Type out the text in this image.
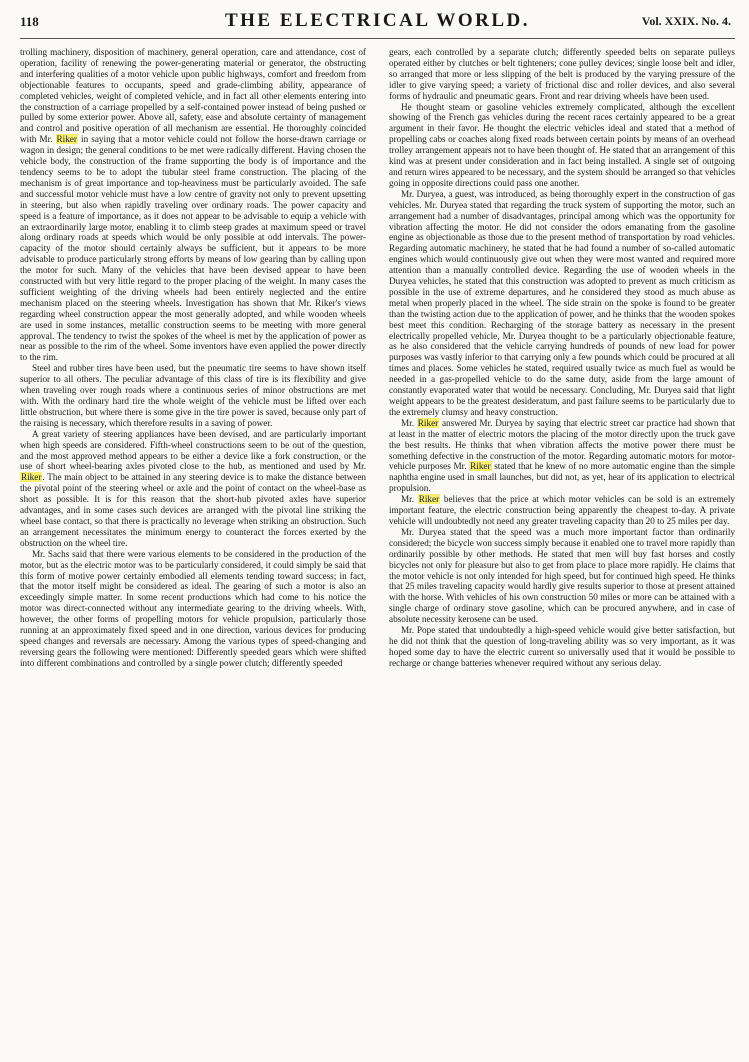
118	THE ELECTRICAL WORLD.	Vol. XXIX. No. 4.

trolling machinery, disposition of machinery, general operation, care and attendance, cost of operation, facility of renewing the power-generating material or generator, the obstructing and interfering qualities of a motor vehicle upon public highways, comfort and freedom from objectionable features to occupants, speed and grade-climbing ability, appearance of completed vehicles, weight of completed vehicle, and in fact all other elements entering into the construction of a carriage propelled by a self-contained power instead of being pushed or pulled by some exterior power. Above all, safety, ease and absolute certainty of management and control and positive operation of all mechanism are essential. He thoroughly coincided with Mr. Riker in saying that a motor vehicle could not follow the horse-drawn carriage or wagon in design; the general conditions to be met were radically different. Having chosen the vehicle body, the construction of the frame supporting the body is of importance and the tendency seems to be to adopt the tubular steel frame construction. The placing of the mechanism is of great importance and top-heaviness must be particularly avoided. The safe and successful motor vehicle must have a low centre of gravity not only to prevent upsetting in steering, but also when rapidly traveling over ordinary roads. The power capacity and speed is a feature of importance, as it does not appear to be advisable to equip a vehicle with an extraordinarily large motor, enabling it to climb steep grades at maximum speed or travel along ordinary roads at speeds which would be only possible at odd intervals. The power-capacity of the motor should certainly always be sufficient, but it appears to be more advisable to produce particularly strong efforts by means of low gearing than by calling upon the motor for such. Many of the vehicles that have been devised appear to have been constructed with but very little regard to the proper placing of the weight. In many cases the sufficient weighting of the driving wheels had been entirely neglected and the entire mechanism placed on the steering wheels. Investigation has shown that Mr. Riker's views regarding wheel construction appear the most generally adopted, and while wooden wheels are used in some instances, metallic construction seems to be meeting with more general approval. The tendency to twist the spokes of the wheel is met by the application of power as near as possible to the rim of the wheel. Some inventors have even applied the power directly to the rim.

Steel and rubber tires have been used, but the pneumatic tire seems to have shown itself superior to all others. The peculiar advantage of this class of tire is its flexibility and give when traveling over rough roads where a continuous series of minor obstructions are met with. With the ordinary hard tire the whole weight of the vehicle must be lifted over each little obstruction, but where there is some give in the tire power is saved, because only part of the raising is necessary, which therefore results in a saving of power.

A great variety of steering appliances have been devised, and are particularly important when high speeds are considered. Fifth-wheel constructions seem to be out of the question, and the most approved method appears to be either a device like a fork construction, or the use of short wheel-bearing axles pivoted close to the hub, as mentioned and used by Mr. Riker. The main object to be attained in any steering device is to make the distance between the pivotal point of the steering wheel or axle and the point of contact on the wheel-base as short as possible. It is for this reason that the short-hub pivoted axles have superior advantages, and in some cases such devices are arranged with the pivotal line striking the wheel base contact, so that there is practically no leverage when striking an obstruction. Such an arrangement necessitates the minimum energy to counteract the forces exerted by the obstruction on the wheel tire.

Mr. Sachs said that there were various elements to be considered in the production of the motor, but as the electric motor was to be particularly considered, it could simply be said that this form of motive power certainly embodied all elements tending toward success; in fact, that the motor itself might be considered as ideal. The gearing of such a motor is also an exceedingly simple matter. In some recent productions which had come to his notice the motor was direct-connected without any intermediate gearing to the driving wheels. With, however, the other forms of propelling motors for vehicle propulsion, particularly those running at an approximately fixed speed and in one direction, various devices for producing speed changes and reversals are necessary. Among the various types of speed-changing and reversing gears the following were mentioned: Differently speeded gears which were shifted into different combinations and controlled by a single power clutch; differently speeded

gears, each controlled by a separate clutch; differently speeded belts on separate pulleys operated either by clutches or belt tighteners; cone pulley devices; single loose belt and idler, so arranged that more or less slipping of the belt is produced by the varying pressure of the idler to give varying speed; a variety of frictional disc and roller devices, and also several forms of hydraulic and pneumatic gears. Front and rear driving wheels have been used.

He thought steam or gasoline vehicles extremely complicated, although the excellent showing of the French gas vehicles during the recent races certainly appeared to be a great argument in their favor. He thought the electric vehicles ideal and stated that a method of propelling cabs or coaches along fixed roads between certain points by means of an overhead trolley arrangement appears not to have been thought of. He stated that an arrangement of this kind was at present under consideration and in fact being installed. A single set of outgoing and return wires appeared to be necessary, and the system should be arranged so that vehicles going in opposite directions could pass one another.

Mr. Duryea, a guest, was introduced, as being thoroughly expert in the construction of gas vehicles. Mr. Duryea stated that regarding the truck system of supporting the motor, such an arrangement had a number of disadvantages, principal among which was the opportunity for vibration affecting the motor. He did not consider the odors emanating from the gasoline engine as objectionable as those due to the present method of transportation by road vehicles. Regarding automatic machinery, he stated that he had found a number of so-called automatic engines which would continuously give out when they were most wanted and required more attention than a manually controlled device. Regarding the use of wooden wheels in the Duryea vehicles, he stated that this construction was adopted to prevent as much criticism as possible in the use of extreme departures, and he considered they stood as much abuse as metal when properly placed in the wheel. The side strain on the spoke is found to be greater than the twisting action due to the application of power, and he thinks that the wooden spokes best meet this condition. Recharging of the storage battery as necessary in the present electrically propelled vehicle, Mr. Duryea thought to be a particularly objectionable feature, as he also considered that the vehicle carrying hundreds of pounds of new load for power purposes was vastly inferior to that carrying only a few pounds which could be procured at all times and places. Some vehicles he stated, required usually twice as much fuel as would be needed in a gas-propelled vehicle to do the same duty, aside from the large amount of constantly evaporated water that would be necessary. Concluding, Mr. Duryea said that light weight appears to be the greatest desideratum, and past failure seems to be particularly due to the extremely clumsy and heavy construction.

Mr. Riker answered Mr. Duryea by saying that electric street car practice had shown that at least in the matter of electric motors the placing of the motor directly upon the truck gave the best results. He thinks that when vibration affects the motive power there must be something defective in the construction of the motor. Regarding automatic motors for motor-vehicle purposes Mr. Riker stated that he knew of no more automatic engine than the simple naphtha engine used in small launches, but did not, as yet, hear of its application to electrical propulsion.

Mr. Riker believes that the price at which motor vehicles can be sold is an extremely important feature, the electric construction being apparently the cheapest to-day. A private vehicle will undoubtedly not need any greater traveling capacity than 20 to 25 miles per day.

Mr. Duryea stated that the speed was a much more important factor than ordinarily considered; the bicycle won success simply because it enabled one to travel more rapidly than ordinarily possible by other methods. He stated that men will buy fast horses and costly bicycles not only for pleasure but also to get from place to place more rapidly. He claims that the motor vehicle is not only intended for high speed, but for continued high speed. He thinks that 25 miles traveling capacity would hardly give results superior to those at present attained with the horse. With vehicles of his own construction 50 miles or more can be attained with a single charge of ordinary stove gasoline, which can be procured anywhere, and in case of absolute necessity kerosene can be used.

Mr. Pope stated that undoubtedly a high-speed vehicle would give better satisfaction, but he did not think that the question of long-traveling ability was so very important, as it was hoped some day to have the electric current so universally used that it would be possible to recharge or change batteries whenever required without any serious delay.
